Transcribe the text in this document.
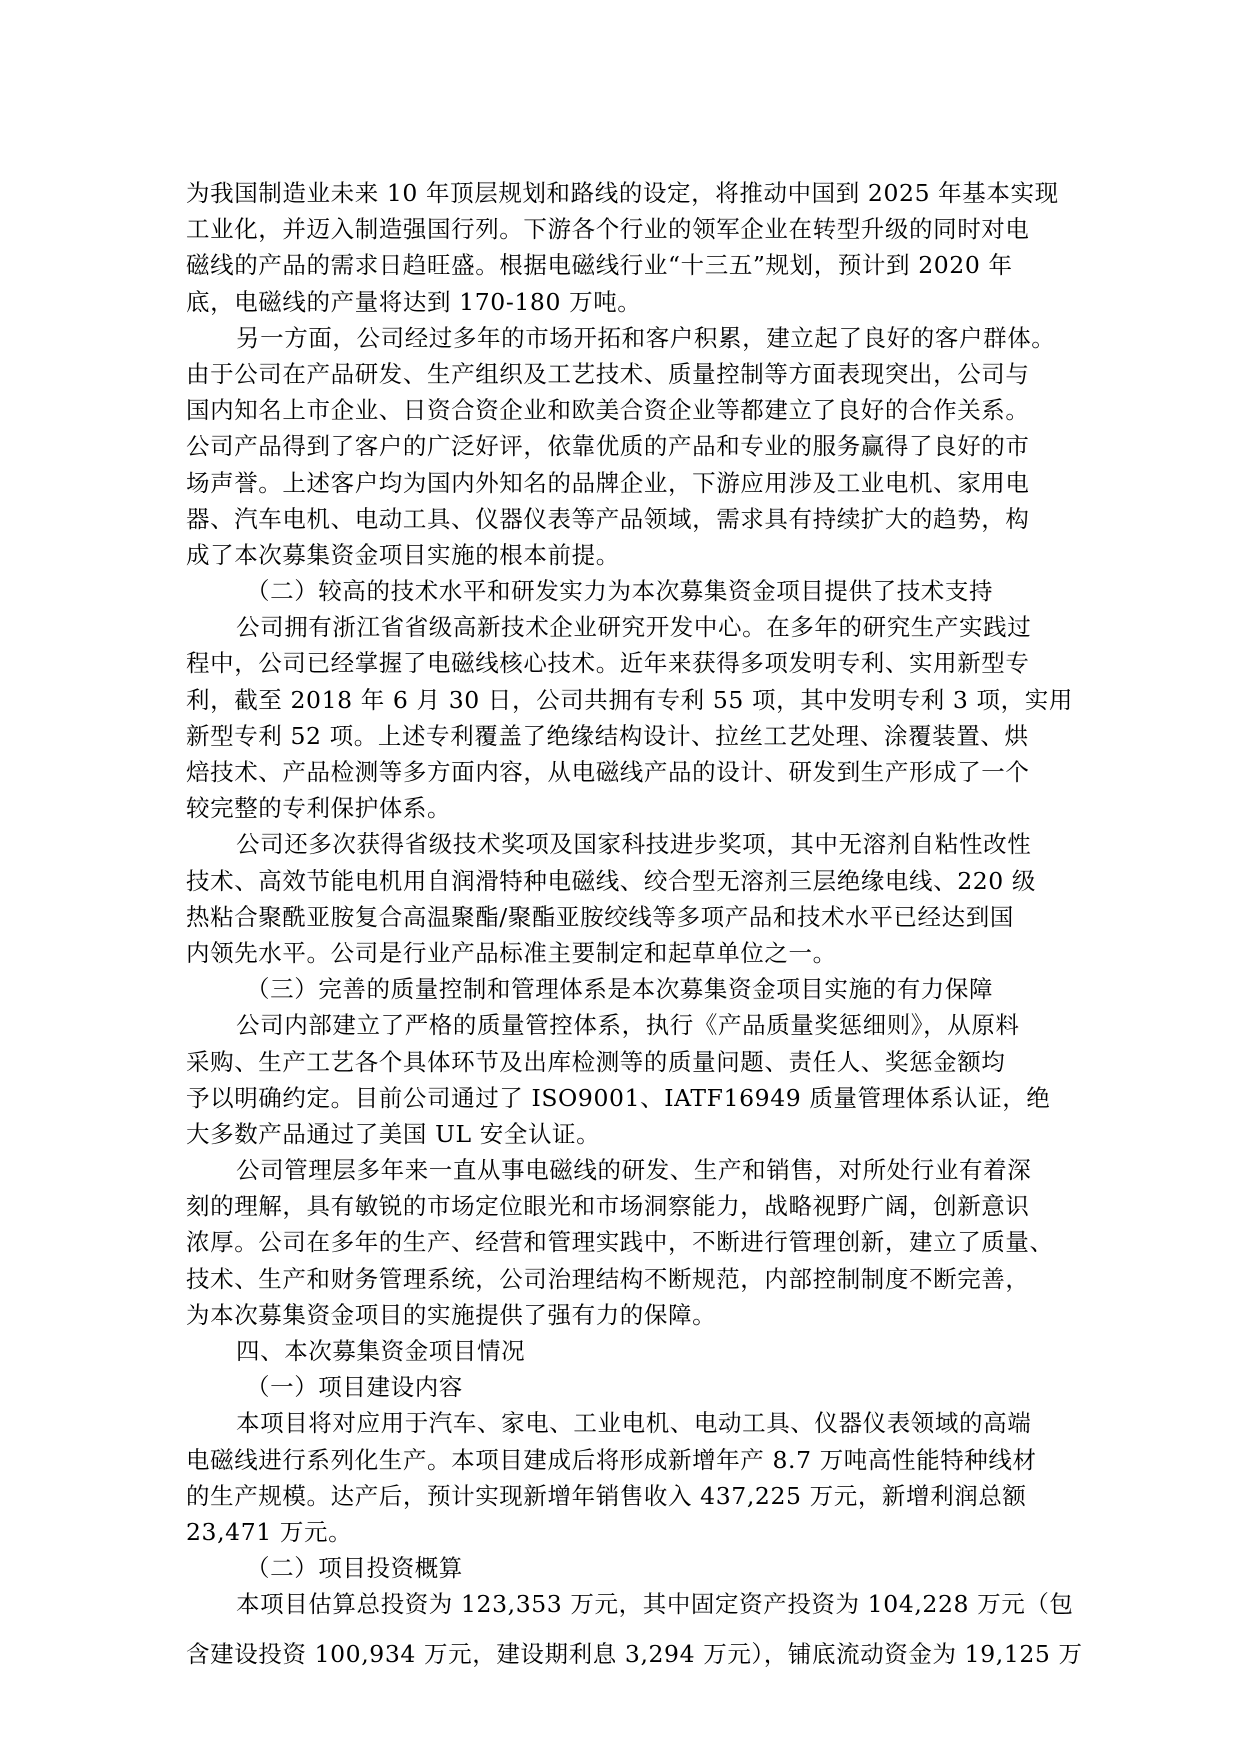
为我国制造业未来 10 年顶层规划和路线的设定，将推动中国到 2025 年基本实现
工业化，并迈入制造强国行列。下游各个行业的领军企业在转型升级的同时对电
磁线的产品的需求日趋旺盛。根据电磁线行业“十三五”规划，预计到 2020 年
底，电磁线的产量将达到 170-180 万吨。
另一方面，公司经过多年的市场开拓和客户积累，建立起了良好的客户群体。
由于公司在产品研发、生产组织及工艺技术、质量控制等方面表现突出，公司与
国内知名上市企业、日资合资企业和欧美合资企业等都建立了良好的合作关系。
公司产品得到了客户的广泛好评，依靠优质的产品和专业的服务赢得了良好的市
场声誉。上述客户均为国内外知名的品牌企业，下游应用涉及工业电机、家用电
器、汽车电机、电动工具、仪器仪表等产品领域，需求具有持续扩大的趋势，构
成了本次募集资金项目实施的根本前提。
（二）较高的技术水平和研发实力为本次募集资金项目提供了技术支持
公司拥有浙江省省级高新技术企业研究开发中心。在多年的研究生产实践过
程中，公司已经掌握了电磁线核心技术。近年来获得多项发明专利、实用新型专
利，截至 2018 年 6 月 30 日，公司共拥有专利 55 项，其中发明专利 3 项，实用
新型专利 52 项。上述专利覆盖了绝缘结构设计、拉丝工艺处理、涂覆装置、烘
焙技术、产品检测等多方面内容，从电磁线产品的设计、研发到生产形成了一个
较完整的专利保护体系。
公司还多次获得省级技术奖项及国家科技进步奖项，其中无溶剂自粘性改性
技术、高效节能电机用自润滑特种电磁线、绞合型无溶剂三层绝缘电线、220 级
热粘合聚酰亚胺复合高温聚酯/聚酯亚胺绞线等多项产品和技术水平已经达到国
内领先水平。公司是行业产品标准主要制定和起草单位之一。
（三）完善的质量控制和管理体系是本次募集资金项目实施的有力保障
公司内部建立了严格的质量管控体系，执行《产品质量奖惩细则》，从原料
采购、生产工艺各个具体环节及出库检测等的质量问题、责任人、奖惩金额均
予以明确约定。目前公司通过了 ISO9001、IATF16949 质量管理体系认证，绝
大多数产品通过了美国 UL 安全认证。
公司管理层多年来一直从事电磁线的研发、生产和销售，对所处行业有着深
刻的理解，具有敏锐的市场定位眼光和市场洞察能力，战略视野广阔，创新意识
浓厚。公司在多年的生产、经营和管理实践中，不断进行管理创新，建立了质量、
技术、生产和财务管理系统，公司治理结构不断规范，内部控制制度不断完善，
为本次募集资金项目的实施提供了强有力的保障。
四、本次募集资金项目情况
（一）项目建设内容
本项目将对应用于汽车、家电、工业电机、电动工具、仪器仪表领域的高端
电磁线进行系列化生产。本项目建成后将形成新增年产 8.7 万吨高性能特种线材
的生产规模。达产后，预计实现新增年销售收入 437,225 万元，新增利润总额
23,471 万元。
（二）项目投资概算
本项目估算总投资为 123,353 万元，其中固定资产投资为 104,228 万元（包
含建设投资 100,934 万元，建设期利息 3,294 万元），铺底流动资金为 19,125 万
